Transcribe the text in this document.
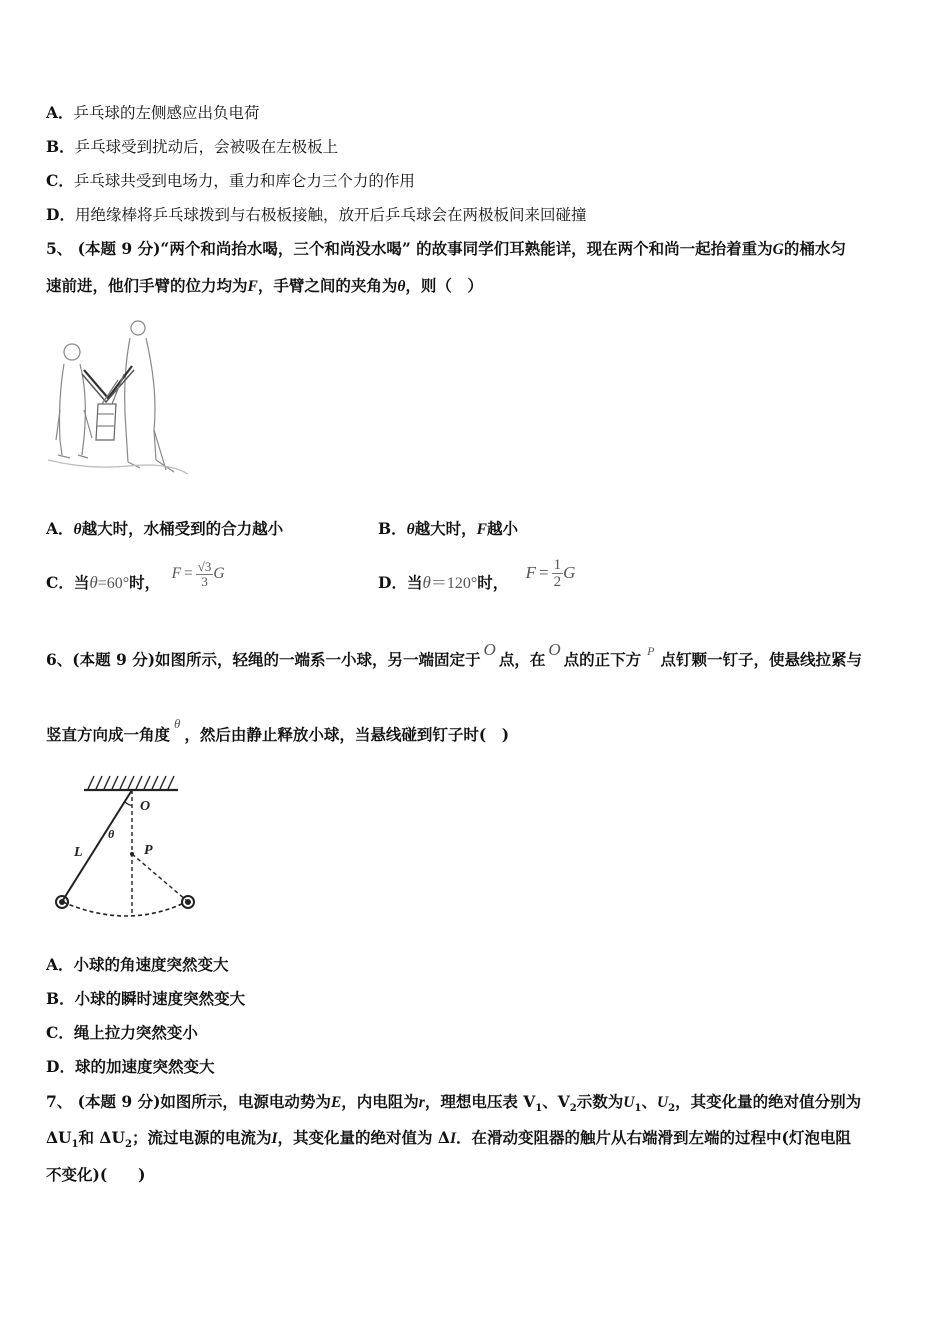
A．乒乓球的左侧感应出负电荷
B．乒乓球受到扰动后，会被吸在左极板上
C．乒乓球共受到电场力，重力和库仑力三个力的作用
D．用绝缘棒将乒乓球拨到与右极板接触，放开后乒乓球会在两极板间来回碰撞
5、 (本题 9 分)“两个和尚抬水喝，三个和尚没水喝” 的故事同学们耳熟能详，现在两个和尚一起抬着重为G的桶水匀
速前进，他们手臂的位力均为F，手臂之间的夹角为θ，则（　）
A．θ越大时，水桶受到的合力越小	B．θ越大时，F越小
C．当θ=60°时， $F = \frac{√3}{3}$ G	D．当θ＝120°时， $F = \frac{1}{2}$ G
6、(本题 9 分)如图所示，轻绳的一端系一小球，另一端固定于O点，在O点的正下方 $^P$ 点钉颗一钉子，使悬线拉紧与
竖直方向成一角度$^\theta$，然后由静止释放小球，当悬线碰到钉子时(　)
O
P
L
θ
A．小球的角速度突然变大
B．小球的瞬时速度突然变大
C．绳上拉力突然变小
D．球的加速度突然变大
7、 (本题 9 分)如图所示，电源电动势为E，内电阻为r，理想电压表 $V_1$、$V_2$示数为$U_1$、$U_2$，其变化量的绝对值分别为
$\Delta U_1$和 $\Delta U_2$；流过电源的电流为I，其变化量的绝对值为 ΔI．在滑动变阻器的触片从右端滑到左端的过程中(灯泡电阻
不变化)(　　)
